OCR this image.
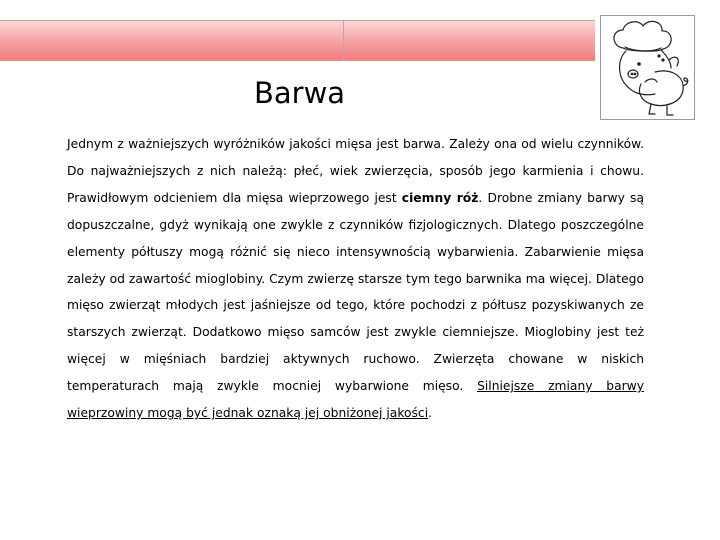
Barwa

Jednym z ważniejszych wyróżników jakości mięsa jest barwa. Zależy ona od wielu czynników. Do najważniejszych z nich należą: płeć, wiek zwierzęcia, sposób jego karmienia i chowu. Prawidłowym odcieniem dla mięsa wieprzowego jest ciemny róż. Drobne zmiany barwy są dopuszczalne, gdyż wynikają one zwykle z czynników fizjologicznych. Dlatego poszczególne elementy półtuszy mogą różnić się nieco intensywnością wybarwienia. Zabarwienie mięsa zależy od zawartość mioglobiny. Czym zwierzę starsze tym tego barwnika ma więcej. Dlatego mięso zwierząt młodych jest jaśniejsze od tego, które pochodzi z półtusz pozyskiwanych ze starszych zwierząt. Dodatkowo mięso samców jest zwykle ciemniejsze. Mioglobiny jest też więcej w mięśniach bardziej aktywnych ruchowo. Zwierzęta chowane w niskich temperaturach mają zwykle mocniej wybarwione mięso. Silniejsze zmiany barwy wieprzowiny mogą być jednak oznaką jej obniżonej jakości.
